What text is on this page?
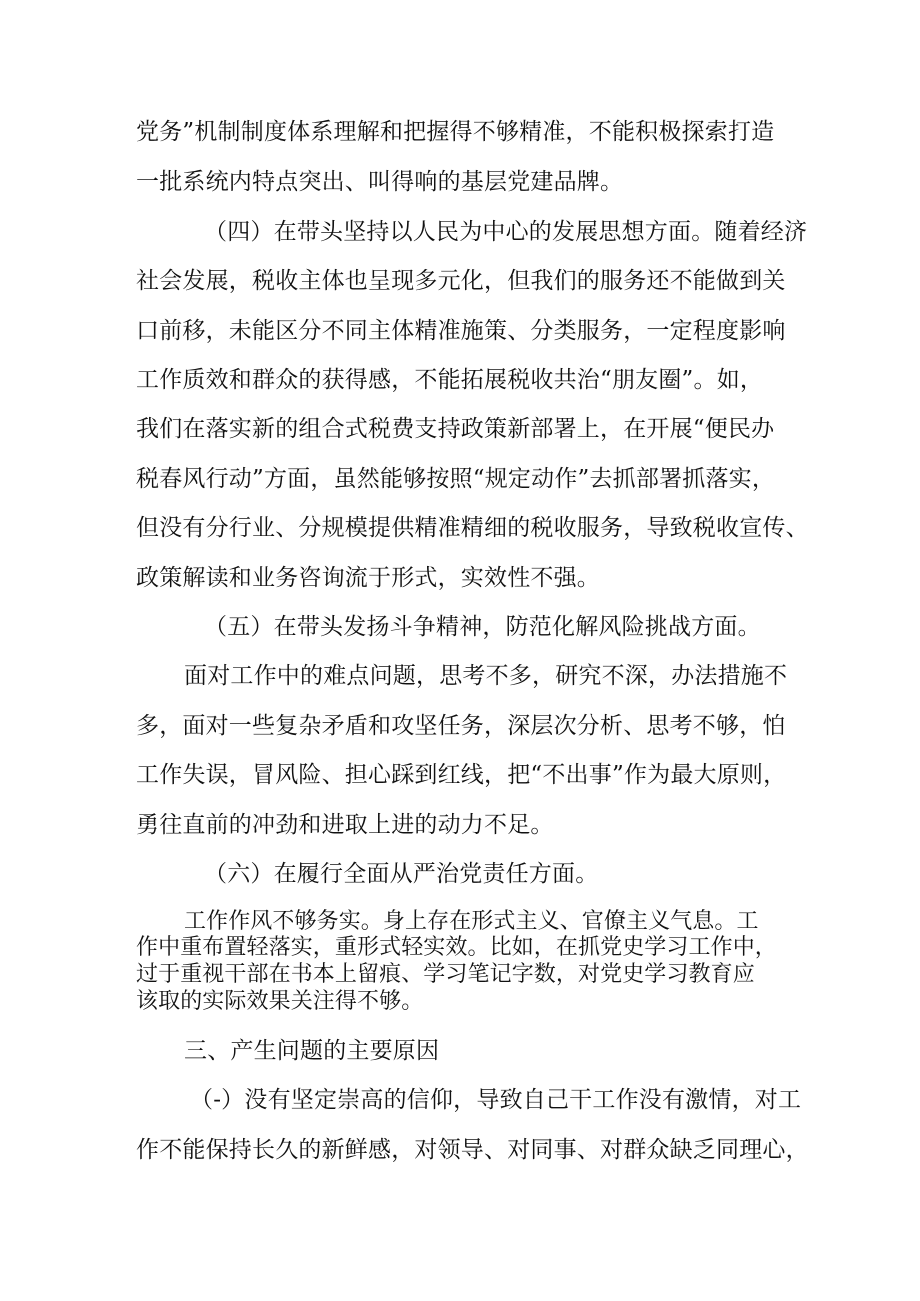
党务”机制制度体系理解和把握得不够精准，不能积极探索打造
一批系统内特点突出、叫得响的基层党建品牌。
（四）在带头坚持以人民为中心的发展思想方面。随着经济
社会发展，税收主体也呈现多元化，但我们的服务还不能做到关
口前移，未能区分不同主体精准施策、分类服务，一定程度影响
工作质效和群众的获得感，不能拓展税收共治“朋友圈”。如，
我们在落实新的组合式税费支持政策新部署上，在开展“便民办
税春风行动”方面，虽然能够按照“规定动作”去抓部署抓落实，
但没有分行业、分规模提供精准精细的税收服务，导致税收宣传、
政策解读和业务咨询流于形式，实效性不强。
（五）在带头发扬斗争精神，防范化解风险挑战方面。
面对工作中的难点问题，思考不多，研究不深，办法措施不
多，面对一些复杂矛盾和攻坚任务，深层次分析、思考不够，怕
工作失误，冒风险、担心踩到红线，把“不出事”作为最大原则，
勇往直前的冲劲和进取上进的动力不足。
（六）在履行全面从严治党责任方面。
工作作风不够务实。身上存在形式主义、官僚主义气息。工
作中重布置轻落实，重形式轻实效。比如，在抓党史学习工作中，
过于重视干部在书本上留痕、学习笔记字数，对党史学习教育应
该取的实际效果关注得不够。
三、产生问题的主要原因
（-）没有坚定崇高的信仰，导致自己干工作没有激情，对工
作不能保持长久的新鲜感，对领导、对同事、对群众缺乏同理心，
